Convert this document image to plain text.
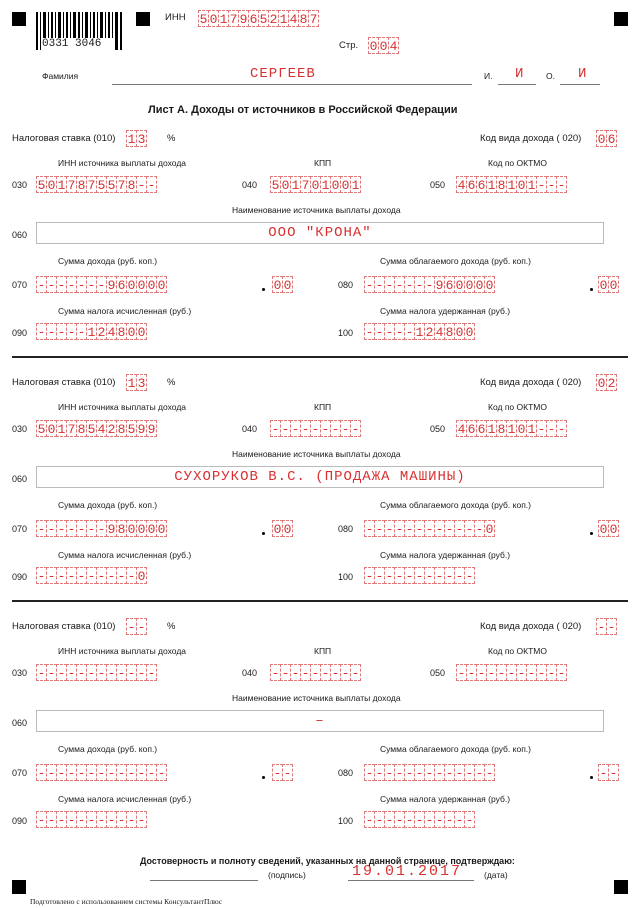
0331 3046
ИНН 5 0 1 7 9 6 5 2 1 4 8 7
Стр. 0 0 4
Фамилия	СЕРГЕЕВ	И. И	О. И
Лист А. Доходы от источников в Российской Федерации
Налоговая ставка (010) 1 3 %	Код вида дохода ( 020) 0 6
ИНН источника выплаты дохода	КПП	Код по ОКТМО
030 5 0 1 7 8 7 5 5 7 8 - -	040 5 0 1 7 0 1 0 0 1	050 4 6 6 1 8 1 0 1 - - -
Наименование источника выплаты дохода
060	ООО "КРОНА"
Сумма дохода (руб. коп.)	Сумма облагаемого дохода (руб. коп.)
070 - - - - - - - 9 6 0 0 0 0	0 0	080 - - - - - - - 9 6 0 0 0 0	0 0
Сумма налога исчисленная (руб.)	Сумма налога удержанная (руб.)
090 - - - - - 1 2 4 8 0 0	100 - - - - - 1 2 4 8 0 0
Налоговая ставка (010) 1 3 %	Код вида дохода ( 020) 0 2
ИНН источника выплаты дохода	КПП	Код по ОКТМО
030 5 0 1 7 8 5 4 2 8 5 9 9	040 - - - - - - - - -	050 4 6 6 1 8 1 0 1 - - -
Наименование источника выплаты дохода
060	СУХОРУКОВ В.С. (ПРОДАЖА МАШИНЫ)
Сумма дохода (руб. коп.)	Сумма облагаемого дохода (руб. коп.)
070 - - - - - - - 9 8 0 0 0 0	0 0	080 - - - - - - - - - - - - 0	0 0
Сумма налога исчисленная (руб.)	Сумма налога удержанная (руб.)
090 - - - - - - - - - - 0	100 - - - - - - - - - - -
Налоговая ставка (010) - - %	Код вида дохода ( 020) - -
ИНН источника выплаты дохода	КПП	Код по ОКТМО
030 - - - - - - - - - - - -	040 - - - - - - - - -	050 - - - - - - - - - - -
Наименование источника выплаты дохода
060	–
Сумма дохода (руб. коп.)	Сумма облагаемого дохода (руб. коп.)
070 - - - - - - - - - - - - -	- -	080 - - - - - - - - - - - - -	- -
Сумма налога исчисленная (руб.)	Сумма налога удержанная (руб.)
090 - - - - - - - - - - -	100 - - - - - - - - - - -
Достоверность и полноту сведений, указанных на данной странице, подтверждаю:
(подпись)	19.01.2017	(дата)
Подготовлено с использованием системы КонсультантПлюс
